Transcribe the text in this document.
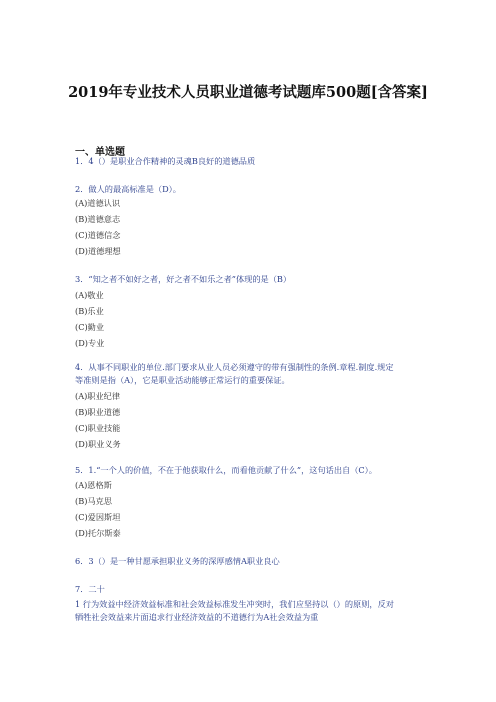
2019年专业技术人员职业道德考试题库500题[含答案]
一、单选题
1．4（）是职业合作精神的灵魂B良好的道德品质
2．做人的最高标准是（D）。
(A)道德认识
(B)道德意志
(C)道德信念
(D)道德理想
3．“知之者不如好之者，好之者不如乐之者”体现的是（B）
(A)敬业
(B)乐业
(C)勤业
(D)专业
4．从事不同职业的单位.部门要求从业人员必须遵守的带有强制性的条例.章程.制度.规定
等准则是指（A），它是职业活动能够正常运行的重要保证。
(A)职业纪律
(B)职业道德
(C)职业技能
(D)职业义务
5．1.“一个人的价值，不在于他获取什么，而看他贡献了什么”，这句话出自（C）。
(A)恩格斯
(B)马克思
(C)爱因斯坦
(D)托尔斯泰
6．3（）是一种甘愿承担职业义务的深厚感情A职业良心
7．二十
1 行为效益中经济效益标准和社会效益标准发生冲突时，我们应坚持以（）的原则，反对
牺牲社会效益来片面追求行业经济效益的不道德行为A社会效益为重
